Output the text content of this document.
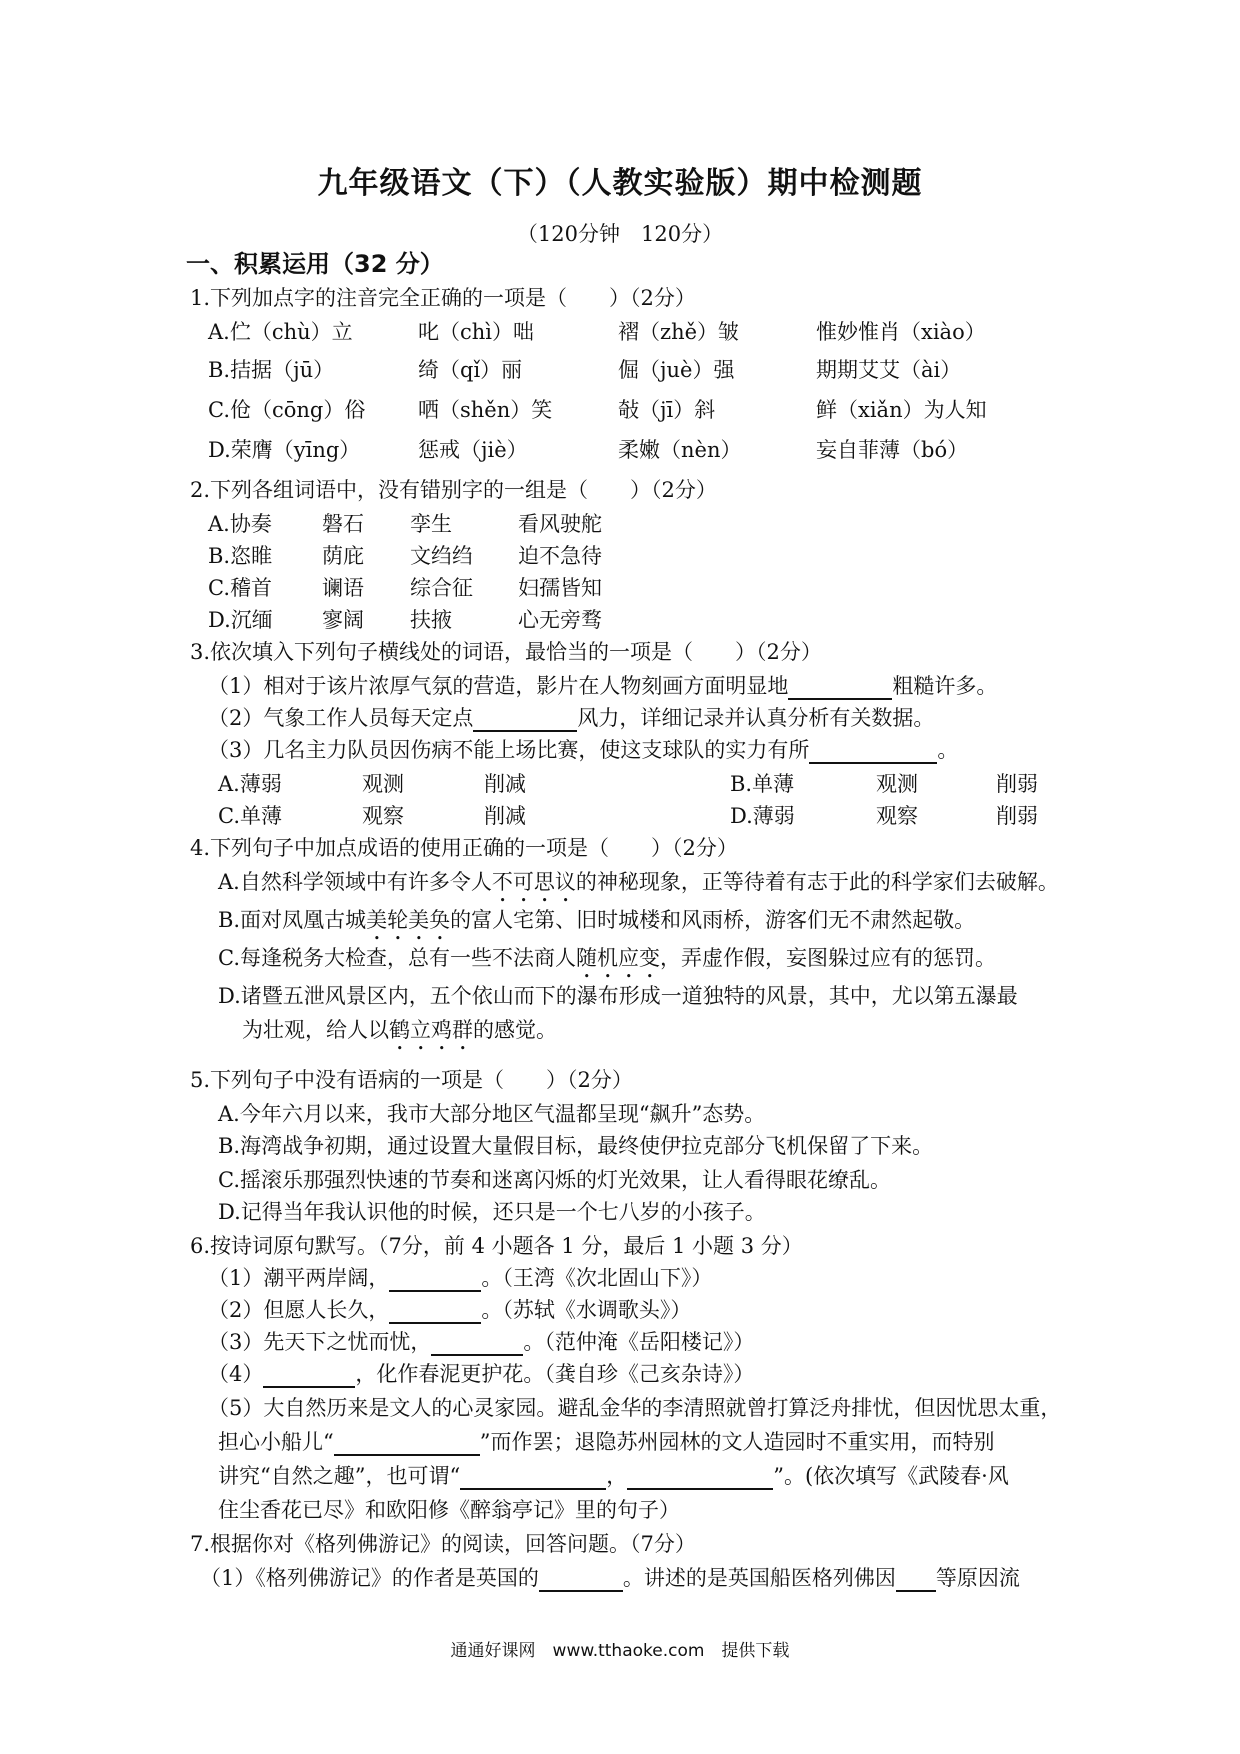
九年级语文（下）（人教实验版）期中检测题
（120分钟　120分）
一、积累运用（32 分）
1.下列加点字的注音完全正确的一项是（　　）（2分）
A.伫（chù）立	叱（chì）咄	褶（zhě）皱	惟妙惟肖（xiào）
B.拮据（jū）	绮（qǐ）丽	倔（juè）强	期期艾艾（ài）
C.伧（cōng）俗	哂（shěn）笑	敧（jī）斜	鲜（xiǎn）为人知
D.荣膺（yīng）	惩戒（jiè）	柔嫩（nèn）	妄自菲薄（bó）
2.下列各组词语中，没有错别字的一组是（　　）（2分）
A.协奏 磐石 孪生	看风驶舵
B.恣睢 荫庇 文绉绉 迫不急待
C.稽首 谰语 综合征 妇孺皆知
D.沉缅 寥阔 扶掖	心无旁骛
3.依次填入下列句子横线处的词语，最恰当的一项是（　　）（2分）
（1）相对于该片浓厚气氛的营造，影片在人物刻画方面明显地	粗糙许多。
（2）气象工作人员每天定点	风力，详细记录并认真分析有关数据。
（3）几名主力队员因伤病不能上场比赛，使这支球队的实力有所	。
A.薄弱	观测	削减	B.单薄	观测	削弱
C.单薄	观察	削减	D.薄弱	观察	削弱
4.下列句子中加点成语的使用正确的一项是（　　）（2分）
A.自然科学领域中有许多令人不可思议的神秘现象，正等待着有志于此的科学家们去破解。
B.面对凤凰古城美轮美奂的富人宅第、旧时城楼和风雨桥，游客们无不肃然起敬。
C.每逢税务大检查，总有一些不法商人随机应变，弄虚作假，妄图躲过应有的惩罚。
D.诸暨五泄风景区内，五个依山而下的瀑布形成一道独特的风景，其中，尤以第五瀑最
为壮观，给人以鹤立鸡群的感觉。
5.下列句子中没有语病的一项是（　　）（2分）
A.今年六月以来，我市大部分地区气温都呈现“飙升”态势。
B.海湾战争初期，通过设置大量假目标，最终使伊拉克部分飞机保留了下来。
C.摇滚乐那强烈快速的节奏和迷离闪烁的灯光效果，让人看得眼花缭乱。
D.记得当年我认识他的时候，还只是一个七八岁的小孩子。
6.按诗词原句默写。（7分，前 4 小题各 1 分，最后 1 小题 3 分）
（1）潮平两岸阔，	。（王湾《次北固山下》）
（2）但愿人长久，	。（苏轼《水调歌头》）
（3）先天下之忧而忧，	。（范仲淹《岳阳楼记》）
（4）	，化作春泥更护花。（龚自珍《己亥杂诗》）
（5）大自然历来是文人的心灵家园。避乱金华的李清照就曾打算泛舟排忧，但因忧思太重，
担心小船儿“	”而作罢；退隐苏州园林的文人造园时不重实用，而特别
讲究“自然之趣”，也可谓“	，	”。(依次填写《武陵春·风
住尘香花已尽》和欧阳修《醉翁亭记》里的句子）
7.根据你对《格列佛游记》的阅读，回答问题。（7分）
（1）《格列佛游记》的作者是英国的	。讲述的是英国船医格列佛因 等原因流
通通好课网　www.tthaoke.com　提供下载
